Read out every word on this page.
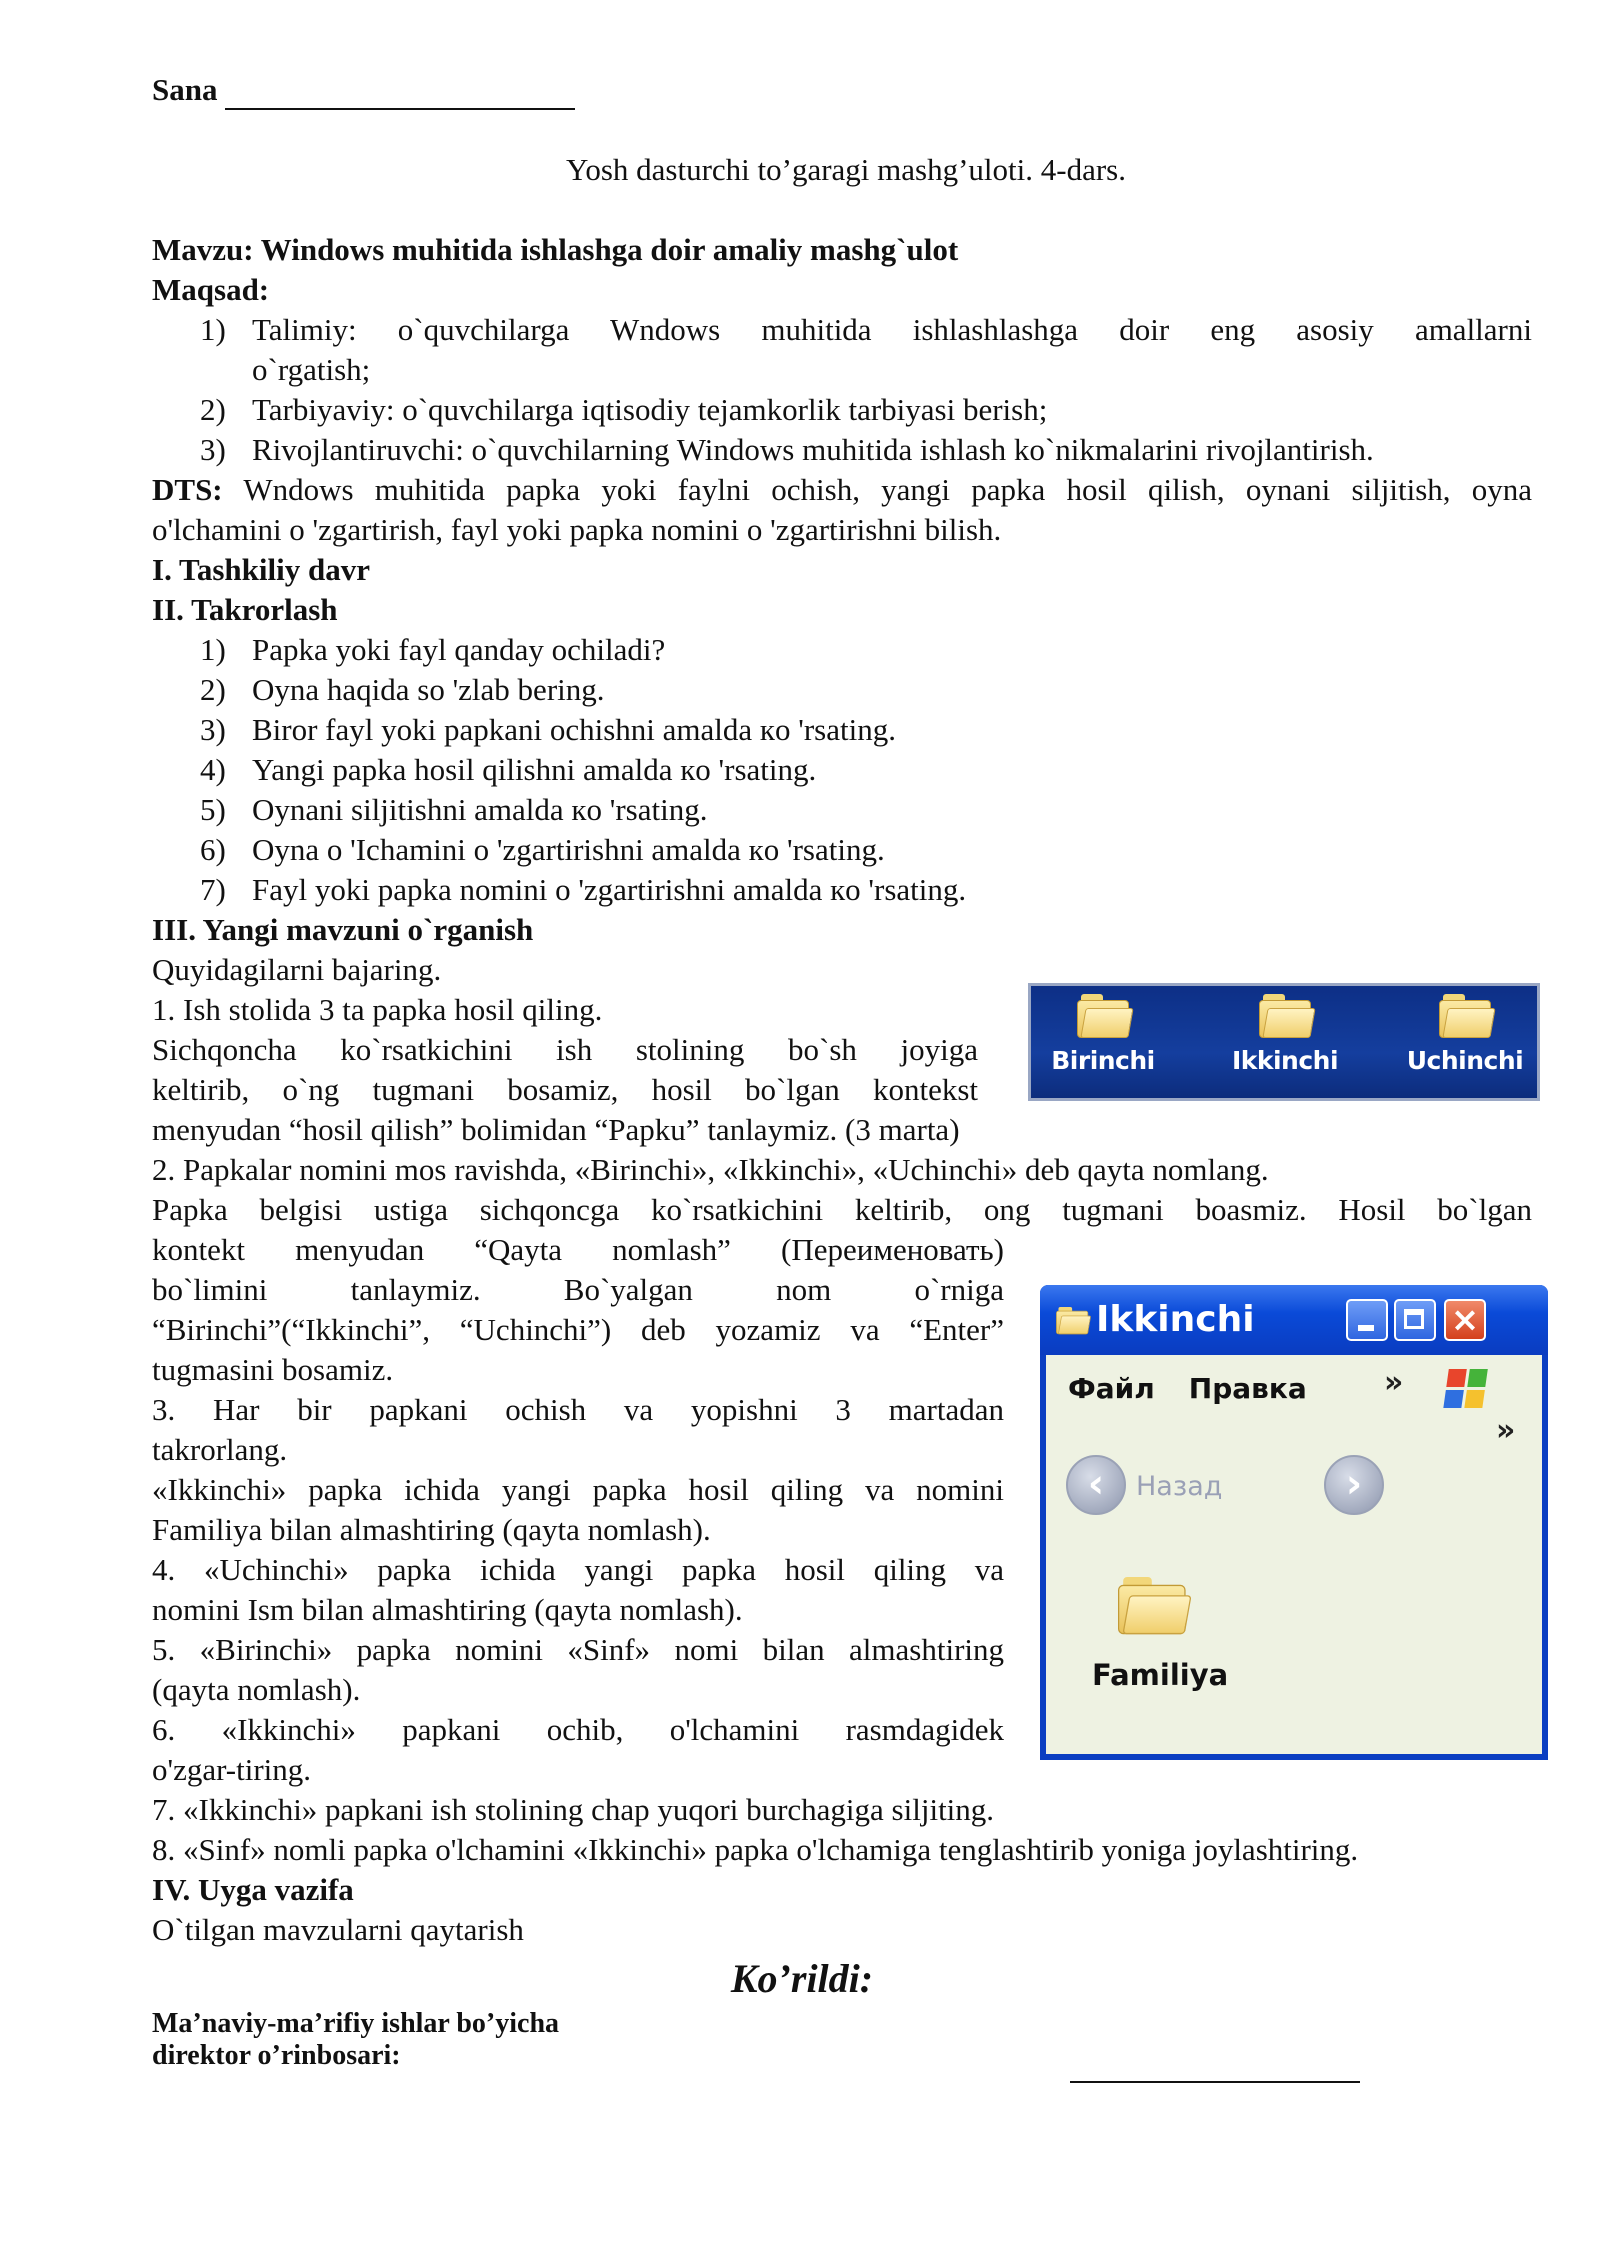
Sana
Yosh dasturchi to’garagi mashg’uloti. 4-dars.
Mavzu: Windows muhitida ishlashga doir amaliy mashg`ulot
Maqsad:
1) Talimiy: o`quvchilarga Wndows muhitida ishlashlashga doir eng asosiy amallarni
o`rgatish;
2) Tarbiyaviy: o`quvchilarga iqtisodiy tejamkorlik tarbiyasi berish;
3) Rivojlantiruvchi: o`quvchilarning Windows muhitida ishlash ko`nikmalarini rivojlantirish.
DTS: Wndows muhitida papka yoki faylni ochish, yangi papka hosil qilish, oynani siljitish, oyna
o'lchamini o 'zgartirish, fayl yoki papka nomini o 'zgartirishni bilish.
I. Tashkiliy davr
II. Takrorlash
1) Papka yoki fayl qanday ochiladi?
2) Oyna haqida so 'zlab bering.
3) Biror fayl yoki papkani ochishni amalda кo 'rsating.
4) Yangi papka hosil qilishni amalda кo 'rsating.
5) Oynani siljitishni amalda кo 'rsating.
6) Oyna o 'Ichamini o 'zgartirishni amalda кo 'rsating.
7) Fayl yoki papka nomini o 'zgartirishni amalda кo 'rsating.
III. Yangi mavzuni o`rganish
Quyidagilarni bajaring.
1. Ish stolida 3 ta papka hosil qiling.
Sichqoncha ko`rsatkichini ish stolining bo`sh joyiga
keltirib, o`ng tugmani bosamiz, hosil bo`lgan kontekst
menyudan “hosil qilish” bolimidan “Papku” tanlaymiz. (3 marta)
2. Papkalar nomini mos ravishda, «Birinchi», «Ikkinchi», «Uchinchi» deb qayta nomlang.
Papka belgisi ustiga sichqoncga ko`rsatkichini keltirib, ong tugmani boasmiz. Hosil bo`lgan
kontekt menyudan “Qayta nomlash” (Переименовать)
bo`limini tanlaymiz. Bo`yalgan nom o`rniga
“Birinchi”(“Ikkinchi”, “Uchinchi”) deb yozamiz va “Enter”
tugmasini bosamiz.
3. Har bir papkani ochish va yopishni 3 martadan
takrorlang.
«Ikkinchi» papka ichida yangi papka hosil qiling va nomini
Familiya bilan almashtiring (qayta nomlash).
4. «Uchinchi» papka ichida yangi papka hosil qiling va
nomini Ism bilan almashtiring (qayta nomlash).
5. «Birinchi» papka nomini «Sinf» nomi bilan almashtiring
(qayta nomlash).
6. «Ikkinchi» papkani ochib, o'lchamini rasmdagidek
o'zgar-tiring.
7. «Ikkinchi» papkani ish stolining chap yuqori burchagiga siljiting.
8. «Sinf» nomli papka o'lchamini «Ikkinchi» papka o'lchamiga tenglashtirib yoniga joylashtiring.
IV. Uyga vazifa
O`tilgan mavzularni qaytarish
Ko’rildi:
Ma’naviy-ma’rifiy ishlar bo’yicha
direktor o’rinbosari:
Birinchi	Ikkinchi	Uchinchi
Ikkinchi	×
Файл Правка	»
»
‹	Назад	›
Familiya
